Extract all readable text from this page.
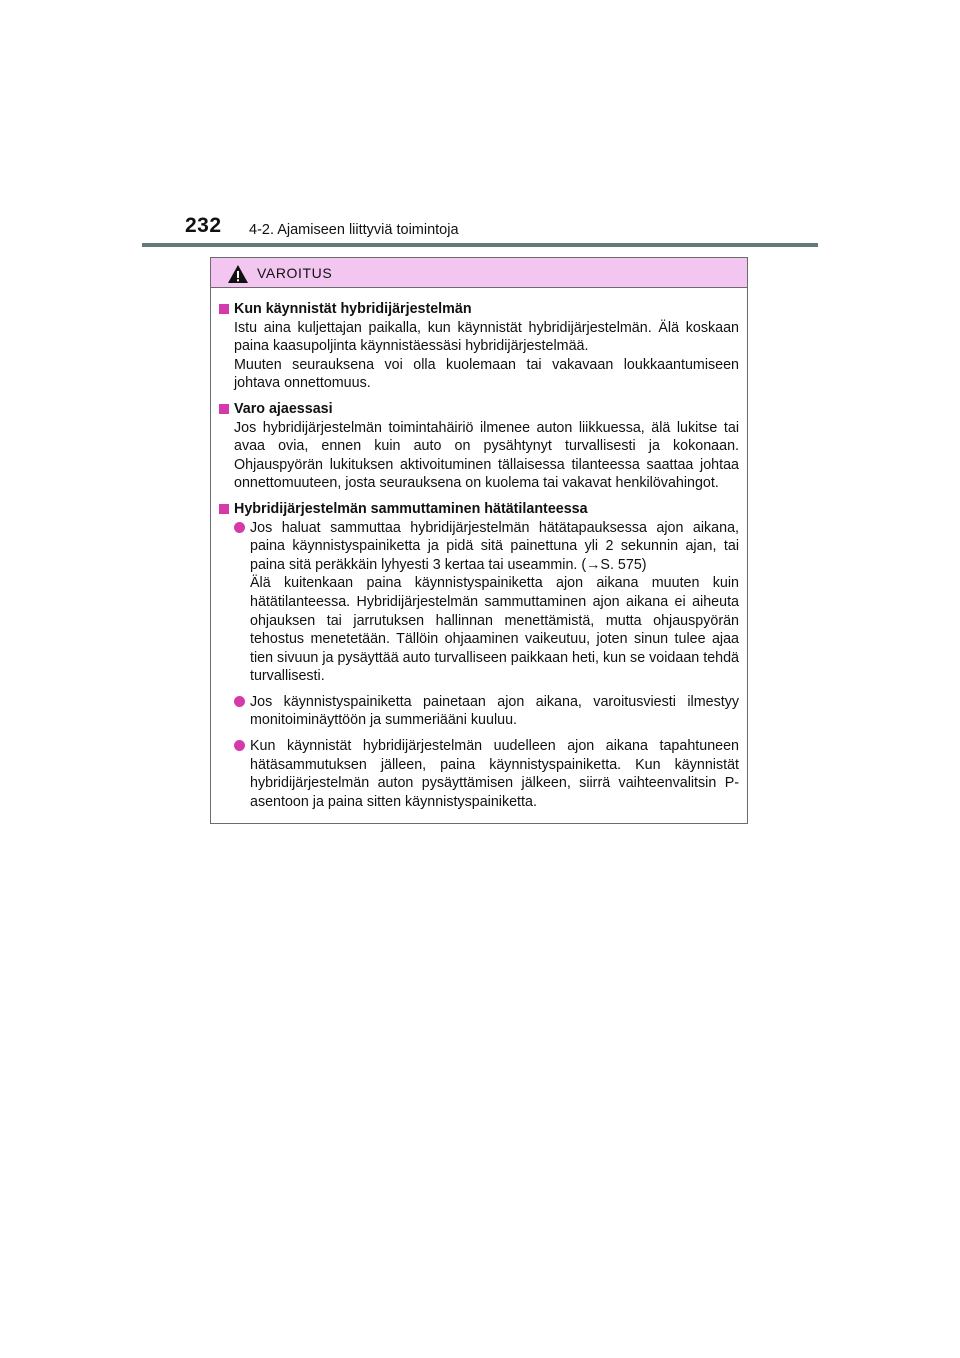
232 4-2. Ajamiseen liittyviä toimintoja
VAROITUS
Kun käynnistät hybridijärjestelmän
Istu aina kuljettajan paikalla, kun käynnistät hybridijärjestelmän. Älä koskaan paina kaasupoljinta käynnistäessäsi hybridijärjestelmää.
Muuten seurauksena voi olla kuolemaan tai vakavaan loukkaantumiseen johtava onnettomuus.
Varo ajaessasi
Jos hybridijärjestelmän toimintahäiriö ilmenee auton liikkuessa, älä lukitse tai avaa ovia, ennen kuin auto on pysähtynyt turvallisesti ja kokonaan. Ohjauspyörän lukituksen aktivoituminen tällaisessa tilanteessa saattaa johtaa onnettomuuteen, josta seurauksena on kuolema tai vakavat henkilövahingot.
Hybridijärjestelmän sammuttaminen hätätilanteessa
Jos haluat sammuttaa hybridijärjestelmän hätätapauksessa ajon aikana, paina käynnistyspainiketta ja pidä sitä painettuna yli 2 sekunnin ajan, tai paina sitä peräkkäin lyhyesti 3 kertaa tai useammin. (→S. 575)
Älä kuitenkaan paina käynnistyspainiketta ajon aikana muuten kuin hätätilanteessa. Hybridijärjestelmän sammuttaminen ajon aikana ei aiheuta ohjauksen tai jarrutuksen hallinnan menettämistä, mutta ohjauspyörän tehostus menetetään. Tällöin ohjaaminen vaikeutuu, joten sinun tulee ajaa tien sivuun ja pysäyttää auto turvalliseen paikkaan heti, kun se voidaan tehdä turvallisesti.
Jos käynnistyspainiketta painetaan ajon aikana, varoitusviesti ilmestyy monitoiminäyttöön ja summeriääni kuuluu.
Kun käynnistät hybridijärjestelmän uudelleen ajon aikana tapahtuneen hätäsammutuksen jälleen, paina käynnistyspainiketta. Kun käynnistät hybridijärjestelmän auton pysäyttämisen jälkeen, siirrä vaihteenvalitsin P-asentoon ja paina sitten käynnistyspainiketta.
